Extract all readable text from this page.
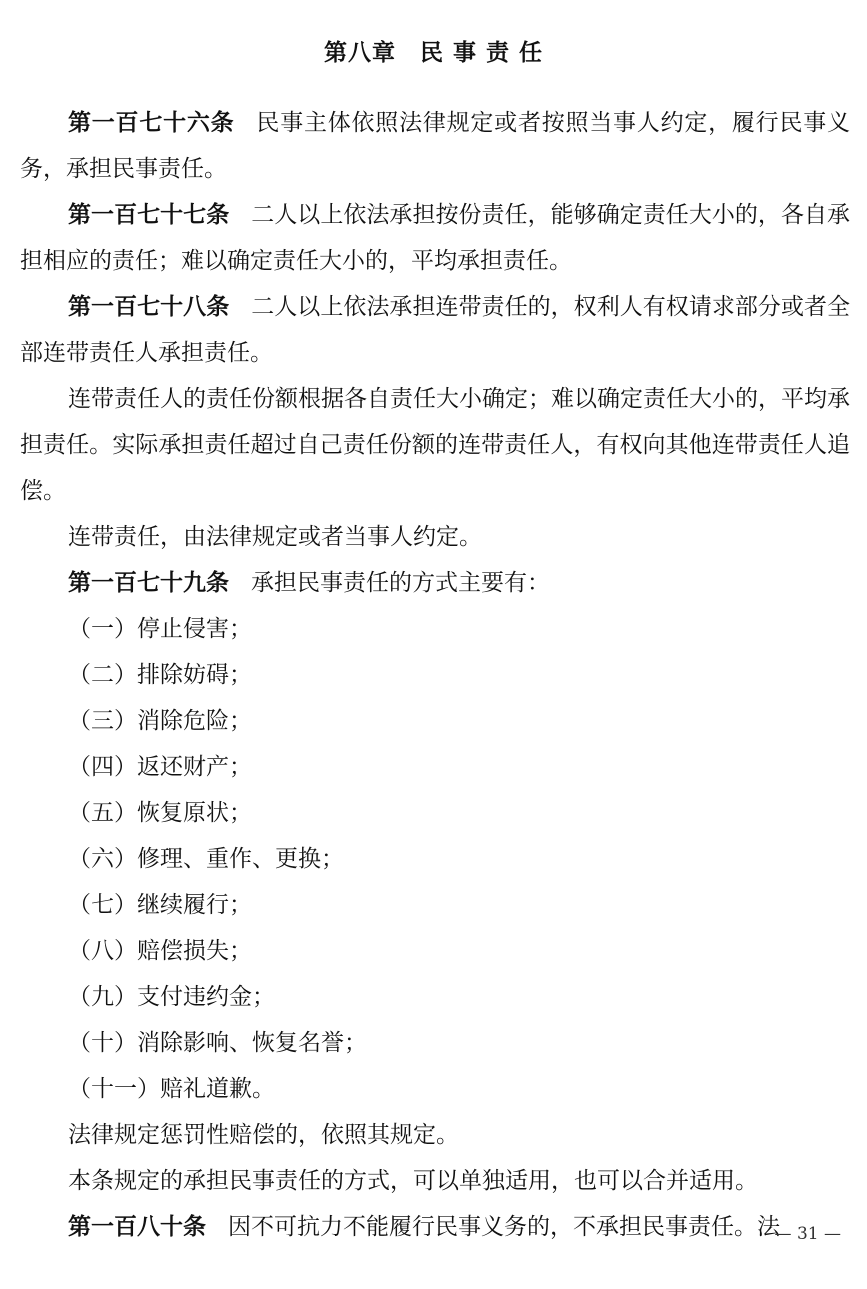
第八章　民 事 责 任

第一百七十六条 民事主体依照法律规定或者按照当事人约定，履行民事义务，承担民事责任。

第一百七十七条 二人以上依法承担按份责任，能够确定责任大小的，各自承担相应的责任；难以确定责任大小的，平均承担责任。

第一百七十八条 二人以上依法承担连带责任的，权利人有权请求部分或者全部连带责任人承担责任。

连带责任人的责任份额根据各自责任大小确定；难以确定责任大小的，平均承担责任。实际承担责任超过自己责任份额的连带责任人，有权向其他连带责任人追偿。

连带责任，由法律规定或者当事人约定。

第一百七十九条 承担民事责任的方式主要有：

（一）停止侵害；

（二）排除妨碍；

（三）消除危险；

（四）返还财产；

（五）恢复原状；

（六）修理、重作、更换；

（七）继续履行；

（八）赔偿损失；

（九）支付违约金；

（十）消除影响、恢复名誉；

（十一）赔礼道歉。

法律规定惩罚性赔偿的，依照其规定。

本条规定的承担民事责任的方式，可以单独适用，也可以合并适用。

第一百八十条 因不可抗力不能履行民事义务的，不承担民事责任。法

— 31 —
